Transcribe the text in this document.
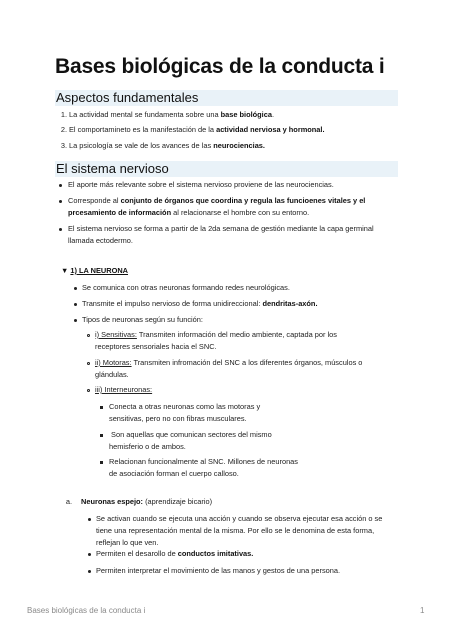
Bases biológicas de la conducta i
Aspectos fundamentales
1. La actividad mental se fundamenta sobre una base biológica.
2. El comportamineto es la manifestación de la actividad nerviosa y hormonal.
3. La psicología se vale de los avances de las neurociencias.
El sistema nervioso
El aporte más relevante sobre el sistema nervioso proviene de las neurociencias.
Corresponde al conjunto de órganos que coordina y regula las funcioenes vitales y el
prcesamiento de información al relacionarse el hombre con su entorno.
El sistema nervioso se forma a partir de la 2da semana de gestión mediante la capa germinal
llamada ectodermo.
▼ 1) LA NEURONA
Se comunica con otras neuronas formando redes neurológicas.
Transmite el impulso nervioso de forma unidireccional: dendritas-axón.
Tipos de neuronas según su función:
i) Sensitivas: Transmiten información del medio ambiente, captada por los
receptores sensoriales hacia el SNC.
ii) Motoras: Transmiten infromación del SNC a los diferentes órganos, músculos o
glándulas.
iii) Interneuronas:
Conecta a otras neuronas como las motoras y
sensitivas, pero no con fibras musculares.
Son aquellas que comunican sectores del mismo
hemisferio o de ambos.
Relacionan funcionalmente al SNC. Millones de neuronas
de asociación forman el cuerpo calloso.
a. Neuronas espejo: (aprendizaje bicario)
Se activan cuando se ejecuta una acción y cuando se observa ejecutar esa acción o se
tiene una representación mental de la misma. Por ello se le denomina de esta forma,
reflejan lo que ven.
Permiten el desarollo de conductos imitativas.
Permiten interpretar el movimiento de las manos y gestos de una persona.
Bases biológicas de la conducta i	1
